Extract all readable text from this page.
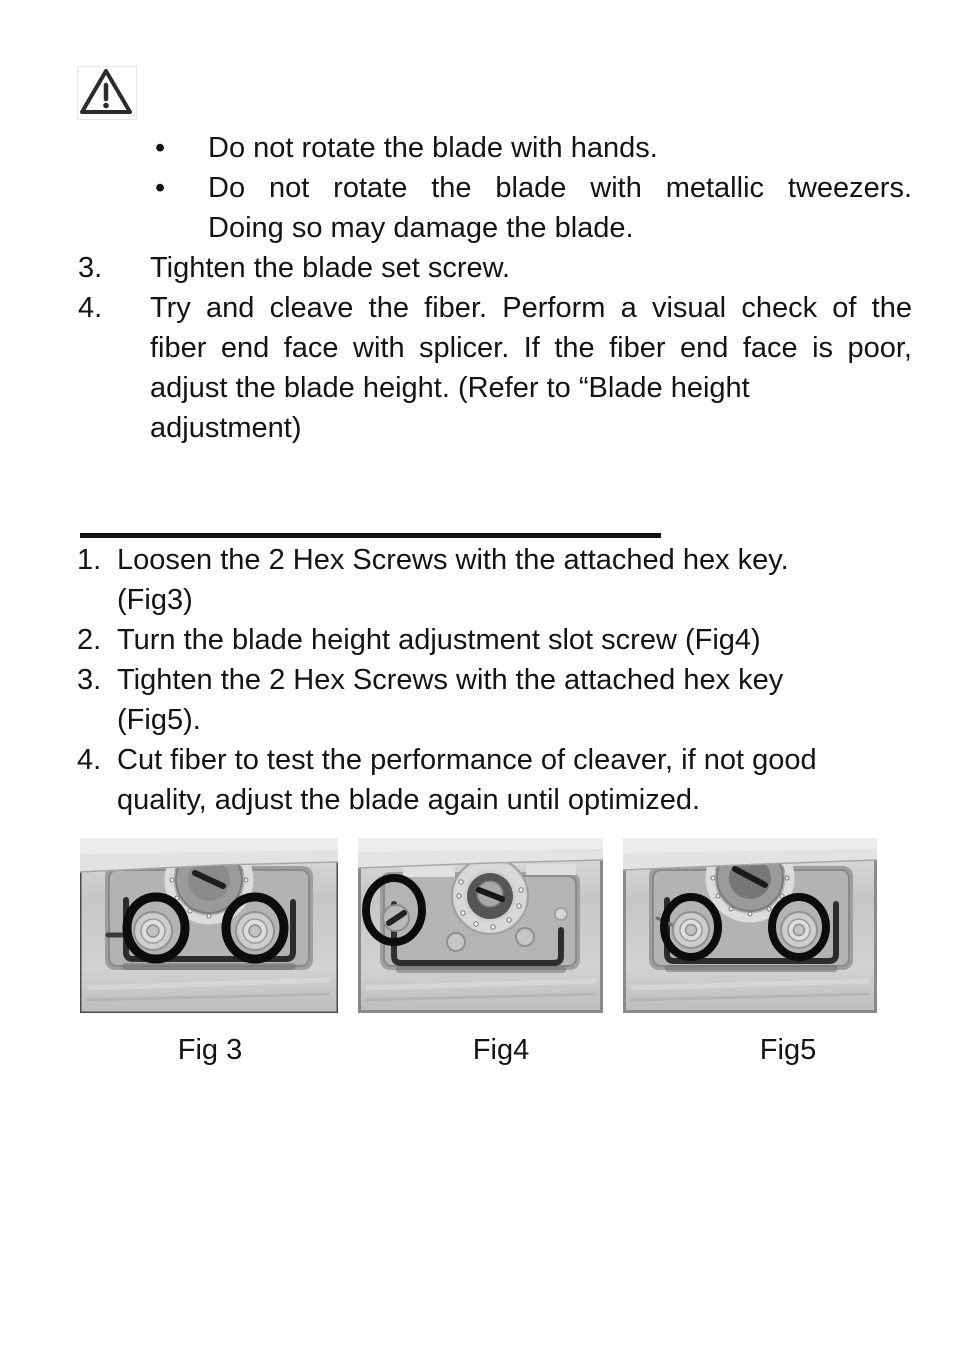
•	Do not rotate the blade with hands.
•	Do not rotate the blade with metallic tweezers.
Doing so may damage the blade.
3.	Tighten the blade set screw.
4.	Try and cleave the fiber. Perform a visual check of the
fiber end face with splicer. If the fiber end face is poor,
adjust the blade height. (Refer to “Blade height
adjustment)
1. Loosen the 2 Hex Screws with the attached hex key.
(Fig3)
2. Turn the blade height adjustment slot screw (Fig4)
3. Tighten the 2 Hex Screws with the attached hex key
(Fig5).
4. Cut fiber to test the performance of cleaver, if not good
quality, adjust the blade again until optimized.
Fig 3	Fig4	Fig5
